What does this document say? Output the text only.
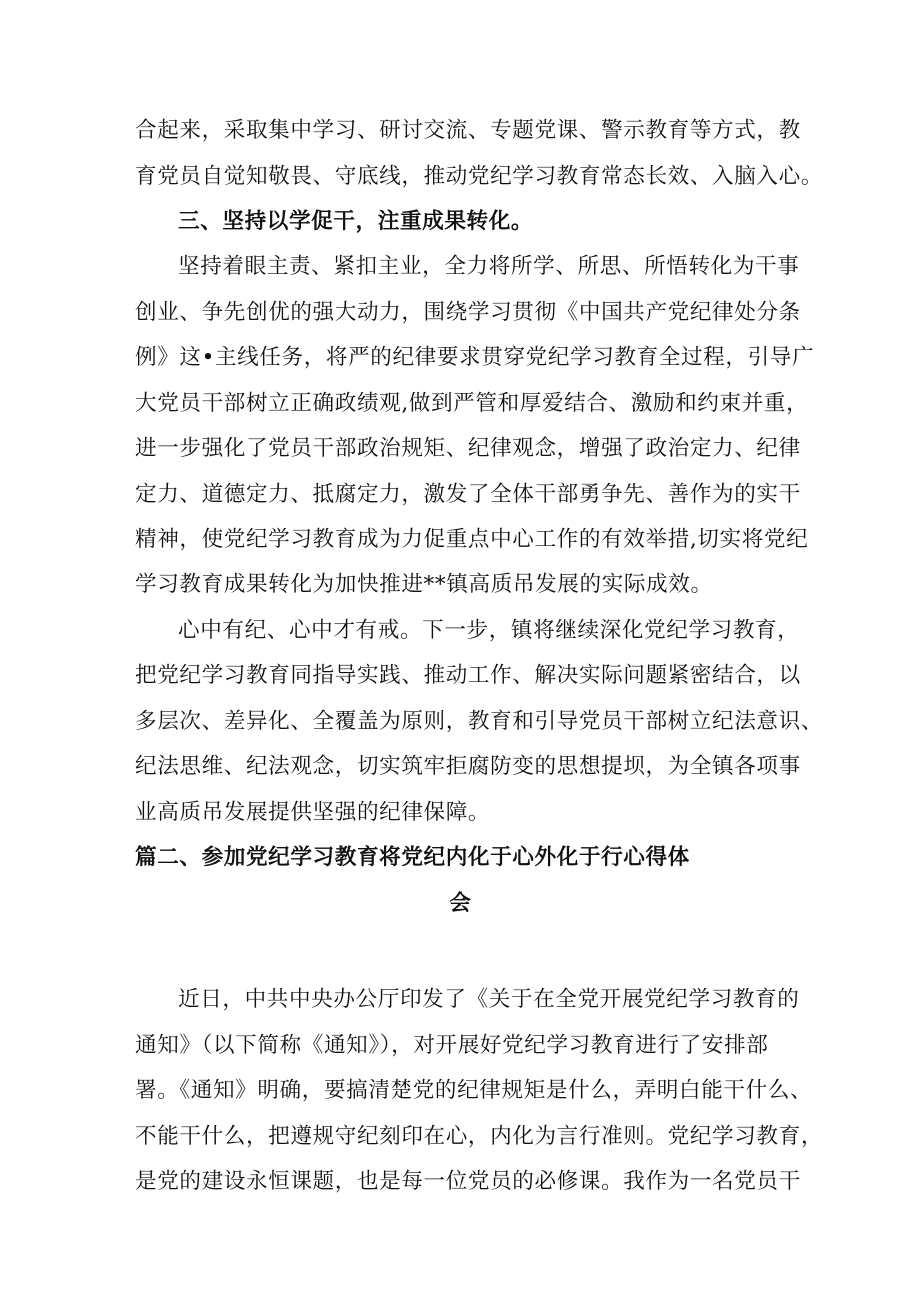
合起来，采取集中学习、研讨交流、专题党课、警示教育等方式，教
育党员自觉知敬畏、守底线，推动党纪学习教育常态长效、入脑入心。
三、坚持以学促干，注重成果转化。
坚持着眼主责、紧扣主业，全力将所学、所思、所悟转化为干事
创业、争先创优的强大动力，围绕学习贯彻《中国共产党纪律处分条
例》这•主线任务，将严的纪律要求贯穿党纪学习教育全过程，引导广
大党员干部树立正确政绩观,做到严管和厚爱结合、激励和约束并重，
进一步强化了党员干部政治规矩、纪律观念，增强了政治定力、纪律
定力、道德定力、抵腐定力，激发了全体干部勇争先、善作为的实干
精神，使党纪学习教育成为力促重点中心工作的有效举措,切实将党纪
学习教育成果转化为加快推进**镇高质吊发展的实际成效。
心中有纪、心中才有戒。下一步，镇将继续深化党纪学习教育，
把党纪学习教育同指导实践、推动工作、解决实际问题紧密结合，以
多层次、差异化、全覆盖为原则，教育和引导党员干部树立纪法意识、
纪法思维、纪法观念，切实筑牢拒腐防变的思想提坝，为全镇各项事
业高质吊发展提供坚强的纪律保障。
篇二、参加党纪学习教育将党纪内化于心外化于行心得体
会
近日，中共中央办公厅印发了《关于在全党开展党纪学习教育的
通知》（以下简称《通知》），对开展好党纪学习教育进行了安排部
署。《通知》明确，要搞清楚党的纪律规矩是什么，弄明白能干什么、
不能干什么，把遵规守纪刻印在心，内化为言行准则。党纪学习教育，
是党的建设永恒课题，也是每一位党员的必修课。我作为一名党员干
